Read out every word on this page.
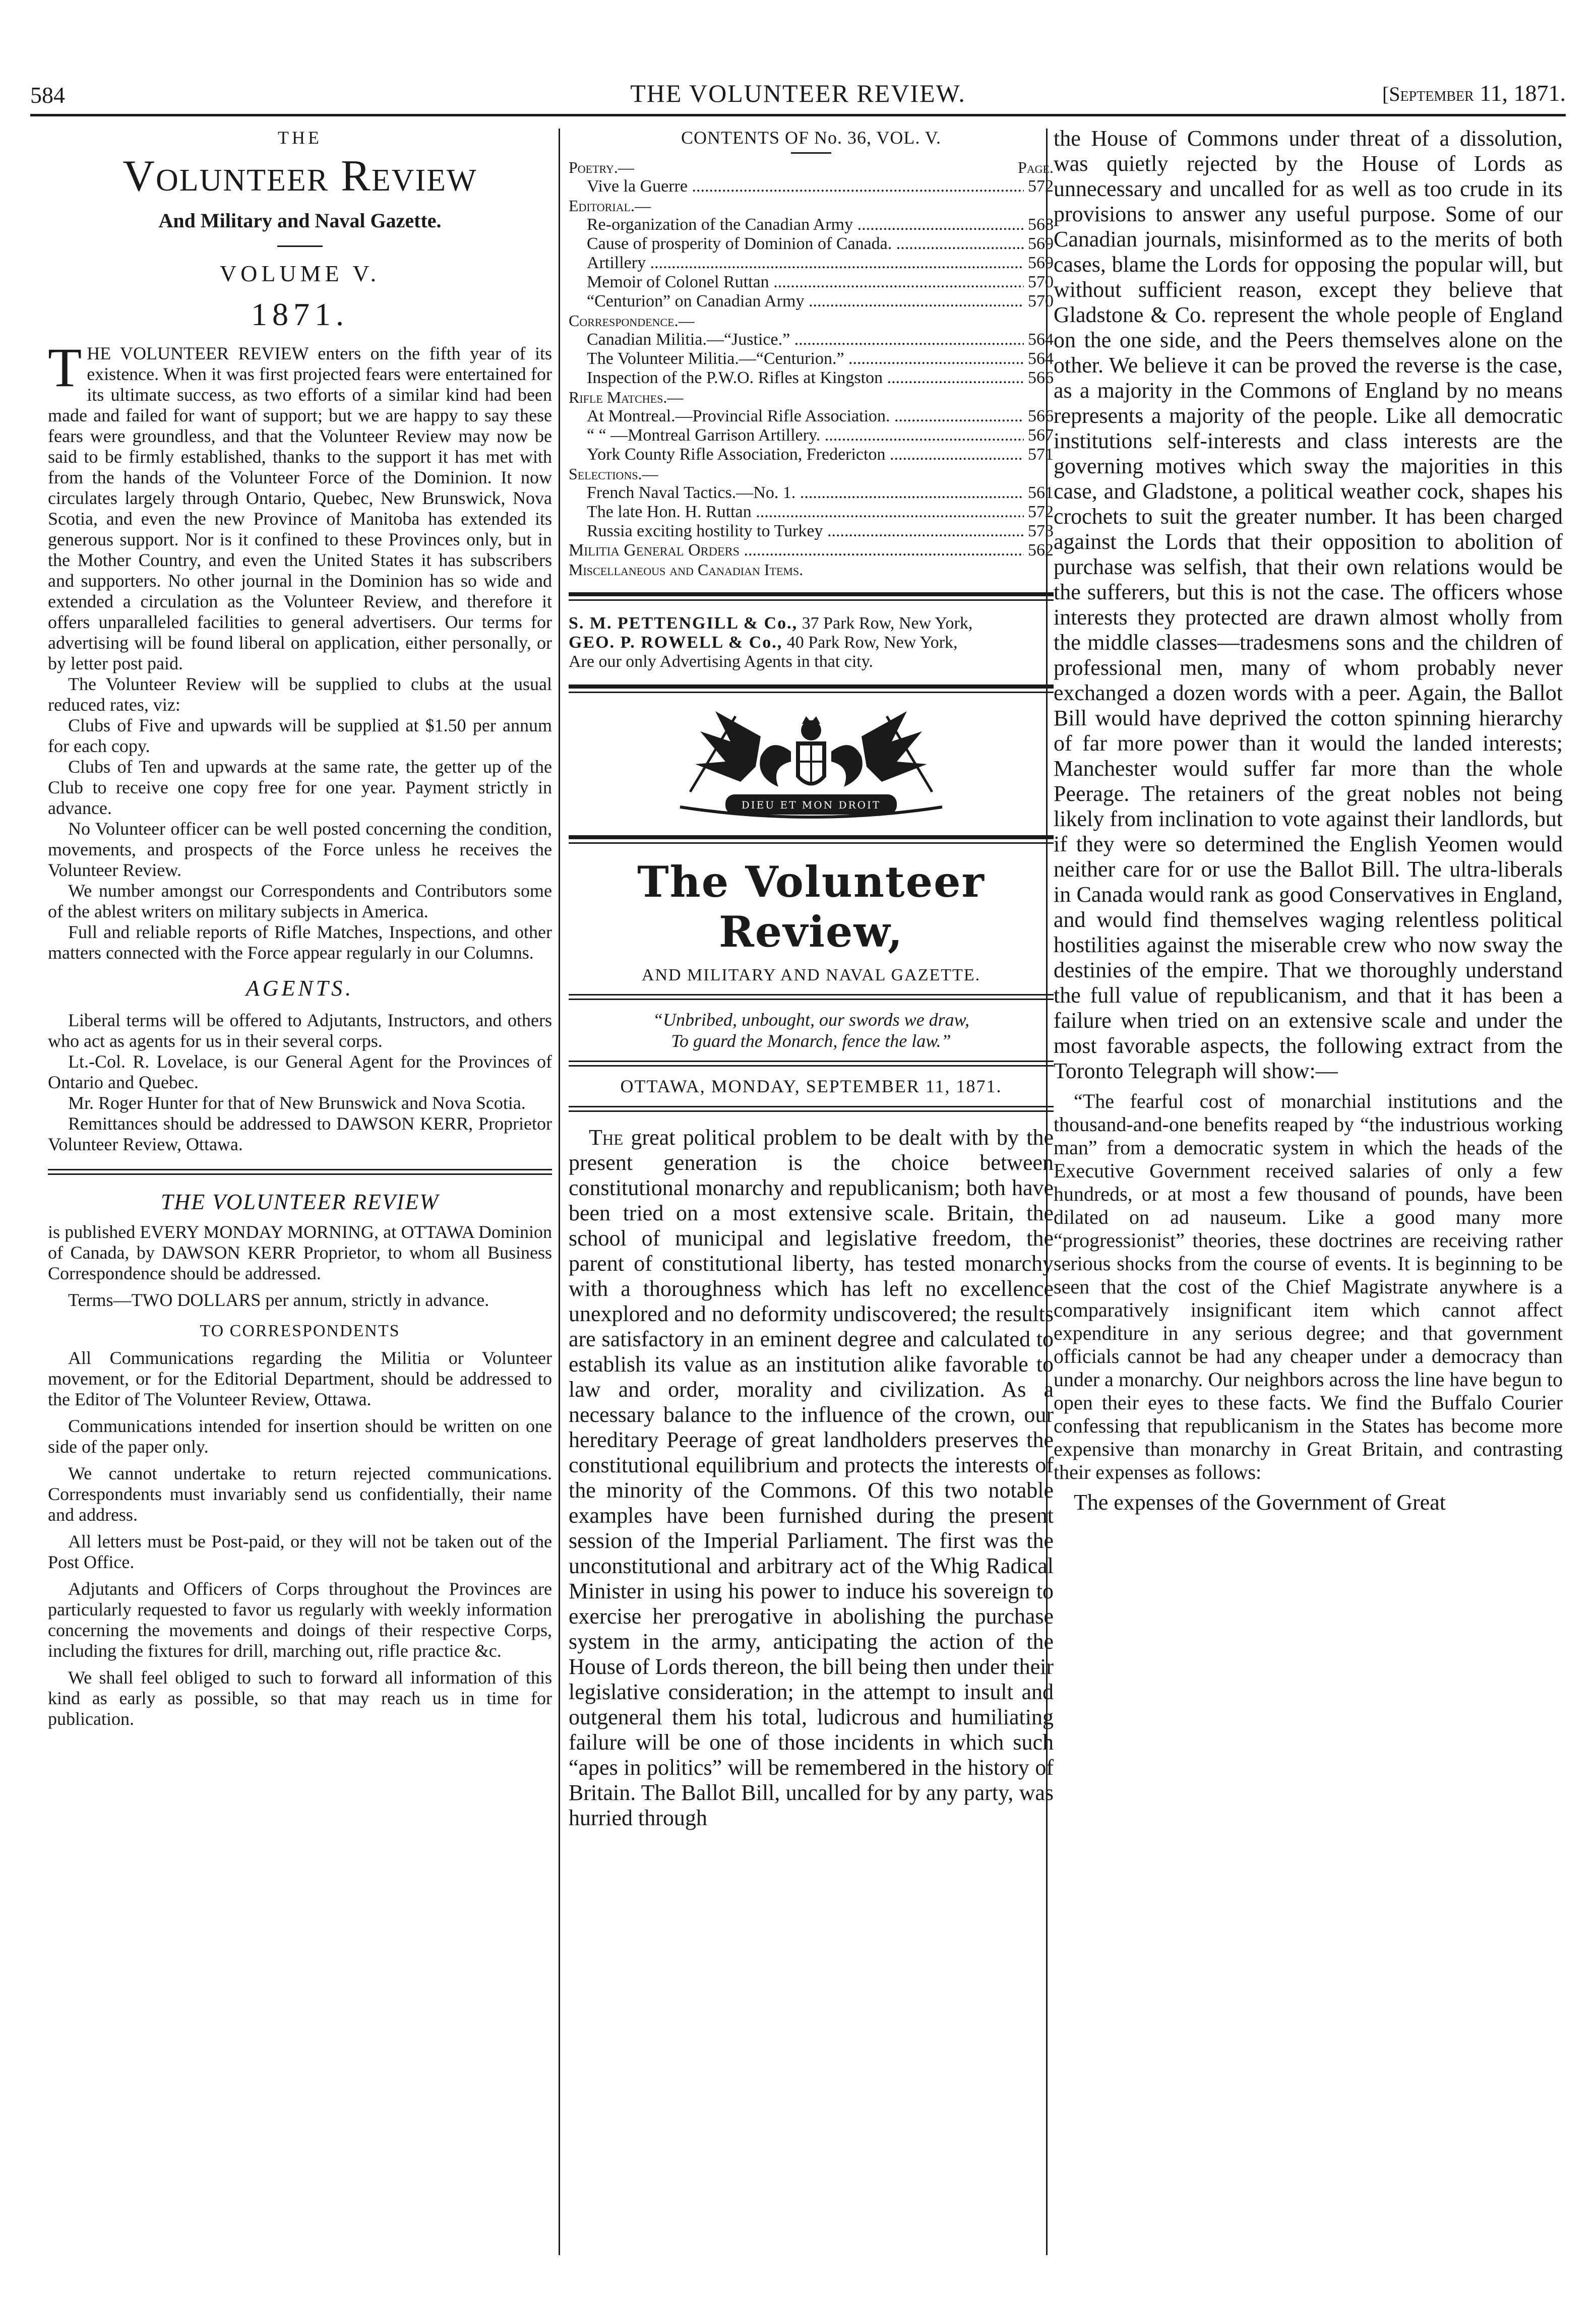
584	THE VOLUNTEER REVIEW.	[September 11, 1871.
THE
Volunteer Review
And Military and Naval Gazette.
VOLUME V.
1871.

THE VOLUNTEER REVIEW enters on the fifth year of its existence. When it was first projected fears were entertained for its ultimate success, as two efforts of a similar kind had been made and failed for want of support; but we are happy to say these fears were groundless, and that the Volunteer Review may now be said to be firmly established, thanks to the support it has met with from the hands of the Volunteer Force of the Dominion. It now circulates largely through Ontario, Quebec, New Brunswick, Nova Scotia, and even the new Province of Manitoba has extended its generous support. Nor is it confined to these Provinces only, but in the Mother Country, and even the United States it has subscribers and supporters. No other journal in the Dominion has so wide and extended a circulation as the Volunteer Review, and therefore it offers unparalleled facilities to general advertisers. Our terms for advertising will be found liberal on application, either personally, or by letter post paid.

The Volunteer Review will be supplied to clubs at the usual reduced rates, viz:

Clubs of Five and upwards will be supplied at $1.50 per annum for each copy.

Clubs of Ten and upwards at the same rate, the getter up of the Club to receive one copy free for one year. Payment strictly in advance.

No Volunteer officer can be well posted concerning the condition, movements, and prospects of the Force unless he receives the Volunteer Review.

We number amongst our Correspondents and Contributors some of the ablest writers on military subjects in America.

Full and reliable reports of Rifle Matches, Inspections, and other matters connected with the Force appear regularly in our Columns.

AGENTS.

Liberal terms will be offered to Adjutants, Instructors, and others who act as agents for us in their several corps.

Lt.-Col. R. Lovelace, is our General Agent for the Provinces of Ontario and Quebec.

Mr. Roger Hunter for that of New Brunswick and Nova Scotia.

Remittances should be addressed to DAWSON KERR, Proprietor Volunteer Review, Ottawa.

THE VOLUNTEER REVIEW

is published EVERY MONDAY MORNING, at OTTAWA Dominion of Canada, by DAWSON KERR Proprietor, to whom all Business Correspondence should be addressed.

Terms—TWO DOLLARS per annum, strictly in advance.

TO CORRESPONDENTS

All Communications regarding the Militia or Volunteer movement, or for the Editorial Department, should be addressed to the Editor of The Volunteer Review, Ottawa.

Communications intended for insertion should be written on one side of the paper only.

We cannot undertake to return rejected communications. Correspondents must invariably send us confidentially, their name and address.

All letters must be Post-paid, or they will not be taken out of the Post Office.

Adjutants and Officers of Corps throughout the Provinces are particularly requested to favor us regularly with weekly information concerning the movements and doings of their respective Corps, including the fixtures for drill, marching out, rifle practice &c.

We shall feel obliged to such to forward all information of this kind as early as possible, so that may reach us in time for publication.

CONTENTS OF No. 36, VOL. V.
Poetry.—	Page.
Vive la Guerre .....	572
Editorial.—
Re-organization of the Canadian Army .....	568
Cause of prosperity of Dominion of Canada. .....	569
Artillery .....	569
Memoir of Colonel Ruttan .....	570
“Centurion” on Canadian Army .....	570
Correspondence.—
Canadian Militia.—“Justice.” .....	564
The Volunteer Militia.—“Centurion.” .....	564
Inspection of the P.W.O. Rifles at Kingston .....	566
Rifle Matches.—
At Montreal.—Provincial Rifle Association. .....	566
“ “ —Montreal Garrison Artillery. .....	567
York County Rifle Association, Fredericton .....	571
Selections.—
French Naval Tactics.—No. 1. .....	561
The late Hon. H. Ruttan .....	572
Russia exciting hostility to Turkey .....	573
Militia General Orders .....	562
Miscellaneous and Canadian Items.

S. M. PETTENGILL & Co., 37 Park Row, New York,

GEO. P. ROWELL & Co., 40 Park Row, New York,

Are our only Advertising Agents in that city.

DIEU ET MON DROIT
The Volunteer Review,
AND MILITARY AND NAVAL GAZETTE.
“Unbribed, unbought, our swords we draw,
To guard the Monarch, fence the law.”
OTTAWA, MONDAY, SEPTEMBER 11, 1871.

The great political problem to be dealt with by the present generation is the choice between constitutional monarchy and republicanism; both have been tried on a most extensive scale. Britain, the school of municipal and legislative freedom, the parent of constitutional liberty, has tested monarchy with a thoroughness which has left no excellence unexplored and no deformity undiscovered; the results are satisfactory in an eminent degree and calculated to establish its value as an institution alike favorable to law and order, morality and civilization. As a necessary balance to the influence of the crown, our hereditary Peerage of great landholders preserves the constitutional equilibrium and protects the interests of the minority of the Commons. Of this two notable examples have been furnished during the present session of the Imperial Parliament. The first was the unconstitutional and arbitrary act of the Whig Radical Minister in using his power to induce his sovereign to exercise her prerogative in abolishing the purchase system in the army, anticipating the action of the House of Lords thereon, the bill being then under their legislative consideration; in the attempt to insult and outgeneral them his total, ludicrous and humiliating failure will be one of those incidents in which such “apes in politics” will be remembered in the history of Britain. The Ballot Bill, uncalled for by any party, was hurried through

the House of Commons under threat of a dissolution, was quietly rejected by the House of Lords as unnecessary and uncalled for as well as too crude in its provisions to answer any useful purpose. Some of our Canadian journals, misinformed as to the merits of both cases, blame the Lords for opposing the popular will, but without sufficient reason, except they believe that Gladstone & Co. represent the whole people of England on the one side, and the Peers themselves alone on the other. We believe it can be proved the reverse is the case, as a majority in the Commons of England by no means represents a majority of the people. Like all democratic institutions self-interests and class interests are the governing motives which sway the majorities in this case, and Gladstone, a political weather cock, shapes his crochets to suit the greater number. It has been charged against the Lords that their opposition to abolition of purchase was selfish, that their own relations would be the sufferers, but this is not the case. The officers whose interests they protected are drawn almost wholly from the middle classes—tradesmens sons and the children of professional men, many of whom probably never exchanged a dozen words with a peer. Again, the Ballot Bill would have deprived the cotton spinning hierarchy of far more power than it would the landed interests; Manchester would suffer far more than the whole Peerage. The retainers of the great nobles not being likely from inclination to vote against their landlords, but if they were so determined the English Yeomen would neither care for or use the Ballot Bill. The ultra-liberals in Canada would rank as good Conservatives in England, and would find themselves waging relentless political hostilities against the miserable crew who now sway the destinies of the empire. That we thoroughly understand the full value of republicanism, and that it has been a failure when tried on an extensive scale and under the most favorable aspects, the following extract from the Toronto Telegraph will show:—

“The fearful cost of monarchial institutions and the thousand-and-one benefits reaped by “the industrious working man” from a democratic system in which the heads of the Executive Government received salaries of only a few hundreds, or at most a few thousand of pounds, have been dilated on ad nauseum. Like a good many more “progressionist” theories, these doctrines are receiving rather serious shocks from the course of events. It is beginning to be seen that the cost of the Chief Magistrate anywhere is a comparatively insignificant item which cannot affect expenditure in any serious degree; and that government officials cannot be had any cheaper under a democracy than under a monarchy. Our neighbors across the line have begun to open their eyes to these facts. We find the Buffalo Courier confessing that republicanism in the States has become more expensive than monarchy in Great Britain, and contrasting their expenses as follows:

The expenses of the Government of Great
